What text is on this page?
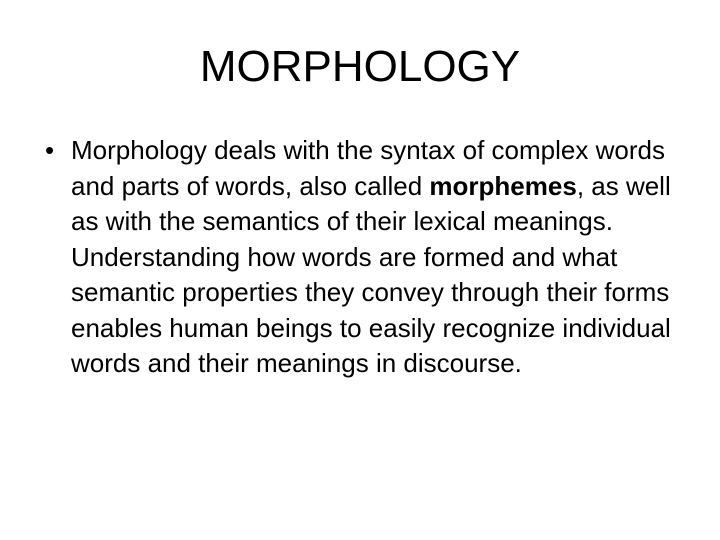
MORPHOLOGY
• Morphology deals with the syntax of complex words and parts of words, also called morphemes, as well as with the semantics of their lexical meanings. Understanding how words are formed and what semantic properties they convey through their forms enables human beings to easily recognize individual words and their meanings in discourse.
